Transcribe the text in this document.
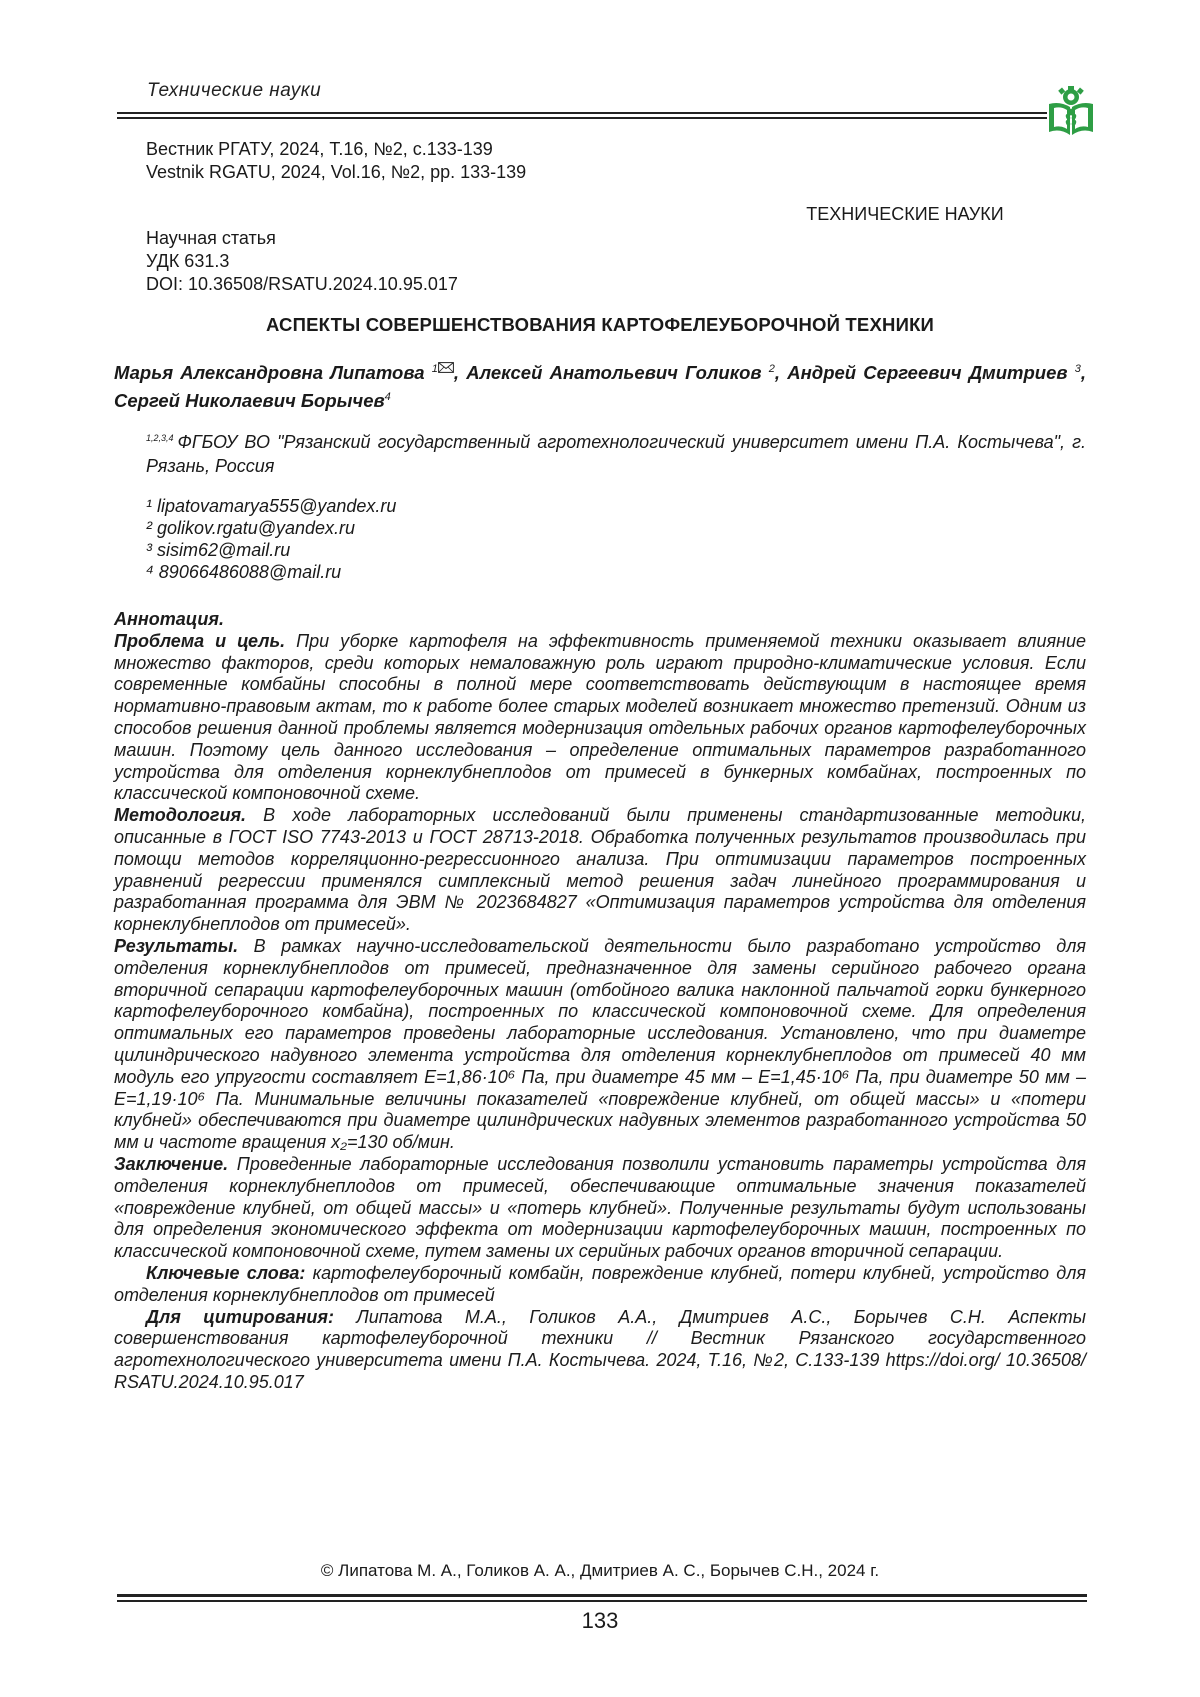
Технические науки
Вестник РГАТУ, 2024, Т.16, №2, с.133-139
Vestnik RGATU, 2024, Vol.16, №2, pp. 133-139
ТЕХНИЧЕСКИЕ НАУКИ
Научная статья
УДК 631.3
DOI: 10.36508/RSATU.2024.10.95.017
АСПЕКТЫ СОВЕРШЕНСТВОВАНИЯ КАРТОФЕЛЕУБОРОЧНОЙ ТЕХНИКИ
Марья Александровна Липатова $^1$ , Алексей Анатольевич Голиков $^2$, Андрей Сергеевич Дмитриев $^3$, Сергей Николаевич Борычев$^4$
$^{1,2,3,4}$ ФГБОУ ВО "Рязанский государственный агротехнологический университет имени П.А. Костычева", г. Рязань, Россия
¹ lipatovamarya555@yandex.ru
² golikov.rgatu@yandex.ru
³ sisim62@mail.ru
⁴ 89066486088@mail.ru

Аннотация.

Проблема и цель. При уборке картофеля на эффективность применяемой техники оказывает влияние множество факторов, среди которых немаловажную роль играют природно-климатические условия. Если современные комбайны способны в полной мере соответствовать действующим в настоящее время нормативно-правовым актам, то к работе более старых моделей возникает множество претензий. Одним из способов решения данной проблемы является модернизация отдельных рабочих органов картофелеуборочных машин. Поэтому цель данного исследования – определение оптимальных параметров разработанного устройства для отделения корнеклубнеплодов от примесей в бункерных комбайнах, построенных по классической компоновочной схеме.

Методология. В ходе лабораторных исследований были применены стандартизованные методики, описанные в ГОСТ ISO 7743-2013 и ГОСТ 28713-2018. Обработка полученных результатов производилась при помощи методов корреляционно-регрессионного анализа. При оптимизации параметров построенных уравнений регрессии применялся симплексный метод решения задач линейного программирования и разработанная программа для ЭВМ № 2023684827 «Оптимизация параметров устройства для отделения корнеклубнеплодов от примесей».

Результаты. В рамках научно-исследовательской деятельности было разработано устройство для отделения корнеклубнеплодов от примесей, предназначенное для замены серийного рабочего органа вторичной сепарации картофелеуборочных машин (отбойного валика наклонной пальчатой горки бункерного картофелеуборочного комбайна), построенных по классической компоновочной схеме. Для определения оптимальных его параметров проведены лабораторные исследования. Установлено, что при диаметре цилиндрического надувного элемента устройства для отделения корнеклубнеплодов от примесей 40 мм модуль его упругости составляет Е=1,86·10⁶ Па, при диаметре 45 мм – Е=1,45·10⁶ Па, при диаметре 50 мм – Е=1,19·10⁶ Па. Минимальные величины показателей «повреждение клубней, от общей массы» и «потери клубней» обеспечиваются при диаметре цилиндрических надувных элементов разработанного устройства 50 мм и частоте вращения х₂=130 об/мин.

Заключение. Проведенные лабораторные исследования позволили установить параметры устройства для отделения корнеклубнеплодов от примесей, обеспечивающие оптимальные значения показателей «повреждение клубней, от общей массы» и «потерь клубней». Полученные результаты будут использованы для определения экономического эффекта от модернизации картофелеуборочных машин, построенных по классической компоновочной схеме, путем замены их серийных рабочих органов вторичной сепарации.

Ключевые слова: картофелеуборочный комбайн, повреждение клубней, потери клубней, устройство для отделения корнеклубнеплодов от примесей

Для цитирования: Липатова М.А., Голиков А.А., Дмитриев А.С., Борычев С.Н. Аспекты совершенствования картофелеуборочной техники // Вестник Рязанского государственного агротехнологического университета имени П.А. Костычева. 2024, Т.16, №2, С.133-139 https://doi.org/ 10.36508/ RSATU.2024.10.95.017

© Липатова М. А., Голиков А. А., Дмитриев А. С., Борычев С.Н., 2024 г.
133
